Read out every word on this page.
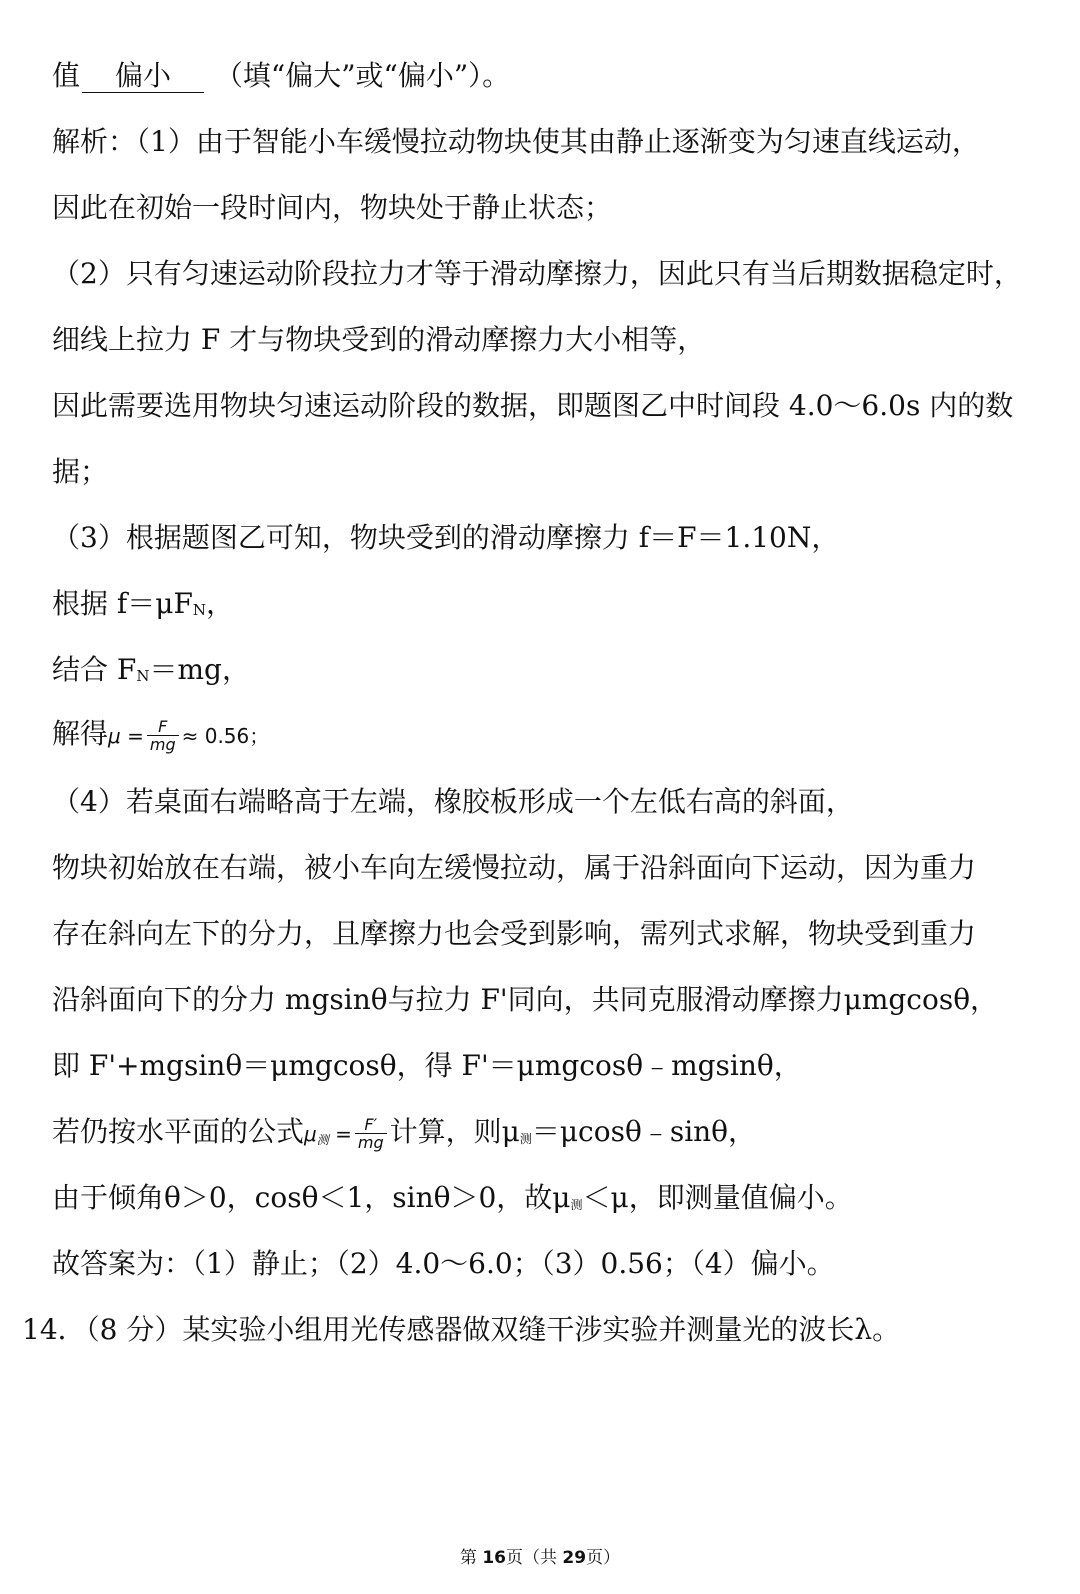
值 偏小 （填“偏大”或“偏小”）。
解析：（1）由于智能小车缓慢拉动物块使其由静止逐渐变为匀速直线运动，
因此在初始一段时间内，物块处于静止状态；
（2）只有匀速运动阶段拉力才等于滑动摩擦力，因此只有当后期数据稳定时，
细线上拉力 F 才与物块受到的滑动摩擦力大小相等，
因此需要选用物块匀速运动阶段的数据，即题图乙中时间段 4.0～6.0s 内的数
据；
（3）根据题图乙可知，物块受到的滑动摩擦力 f＝F＝1.10N，
根据 $f=\mu F_N$，
结合 $F_N=mg$，
解得$\mu = \frac{F}{mg} \approx 0.56$；
（4）若桌面右端略高于左端，橡胶板形成一个左低右高的斜面，
物块初始放在右端，被小车向左缓慢拉动，属于沿斜面向下运动，因为重力
存在斜向左下的分力，且摩擦力也会受到影响，需列式求解，物块受到重力
沿斜面向下的分力 mgsinθ与拉力 F'同向，共同克服滑动摩擦力μmgcosθ，
即 F'+mgsinθ＝μmgcosθ，得 F'＝μmgcosθ﹣mgsinθ，
若仍按水平面的公式μ测 = $\frac{F'}{mg}$ 计算，则$\mu_测=\mu\cos\theta﹣\sin\theta$，
由于倾角θ＞0，cosθ＜1，sinθ＞0，故$\mu_测<\mu$，即测量值偏小。
故答案为：（1）静止；（2）4.0～6.0；（3）0.56；（4）偏小。
14．（8 分）某实验小组用光传感器做双缝干涉实验并测量光的波长λ。
第 16页（共 29页）
